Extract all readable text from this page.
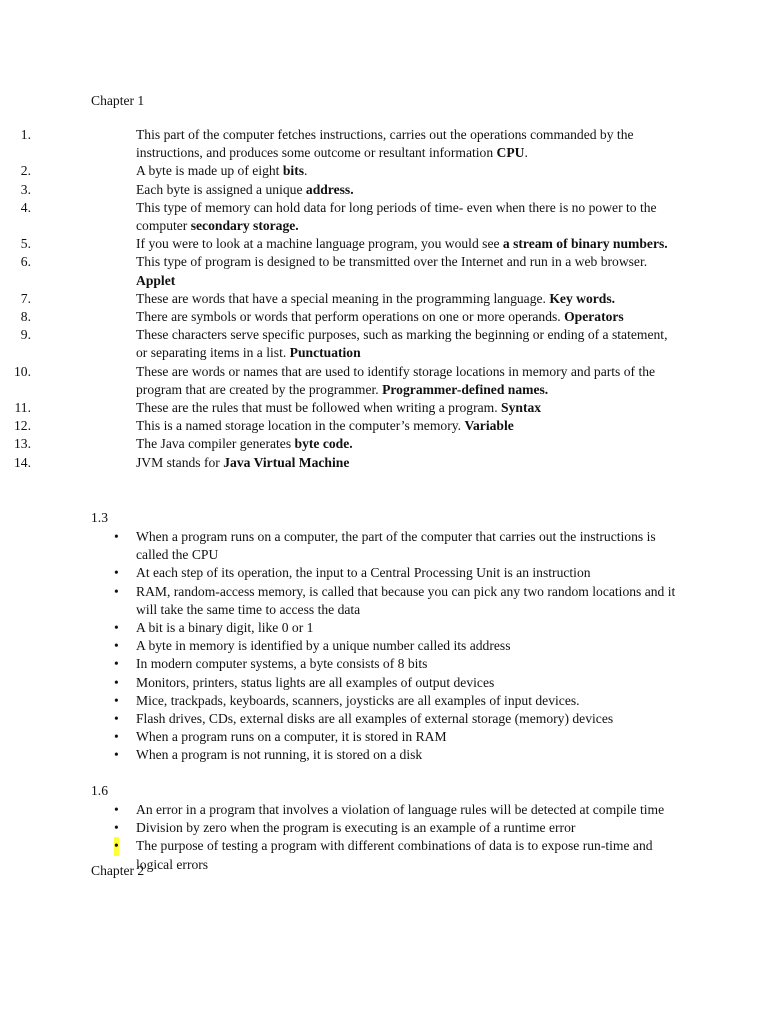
Chapter 1
1.	This part of the computer fetches instructions, carries out the operations commanded by the instructions, and produces some outcome or resultant information CPU.
2.	A byte is made up of eight bits.
3.	Each byte is assigned a unique address.
4.	This type of memory can hold data for long periods of time- even when there is no power to the computer secondary storage.
5.	If you were to look at a machine language program, you would see a stream of binary numbers.
6.	This type of program is designed to be transmitted over the Internet and run in a web browser. Applet
7.	These are words that have a special meaning in the programming language. Key words.
8.	There are symbols or words that perform operations on one or more operands. Operators
9.	These characters serve specific purposes, such as marking the beginning or ending of a statement, or separating items in a list. Punctuation
10.	These are words or names that are used to identify storage locations in memory and parts of the program that are created by the programmer. Programmer-defined names.
11.	These are the rules that must be followed when writing a program. Syntax
12.	This is a named storage location in the computer’s memory. Variable
13.	The Java compiler generates byte code.
14.	JVM stands for Java Virtual Machine
1.3
• When a program runs on a computer, the part of the computer that carries out the instructions is called the CPU
• At each step of its operation, the input to a Central Processing Unit is an instruction
• RAM, random-access memory, is called that because you can pick any two random locations and it will take the same time to access the data
• A bit is a binary digit, like 0 or 1
• A byte in memory is identified by a unique number called its address
• In modern computer systems, a byte consists of 8 bits
• Monitors, printers, status lights are all examples of output devices
• Mice, trackpads, keyboards, scanners, joysticks are all examples of input devices.
• Flash drives, CDs, external disks are all examples of external storage (memory) devices
• When a program runs on a computer, it is stored in RAM
• When a program is not running, it is stored on a disk
1.6
• An error in a program that involves a violation of language rules will be detected at compile time
• Division by zero when the program is executing is an example of a runtime error
• The purpose of testing a program with different combinations of data is to expose run-time and logical errors
Chapter 2
